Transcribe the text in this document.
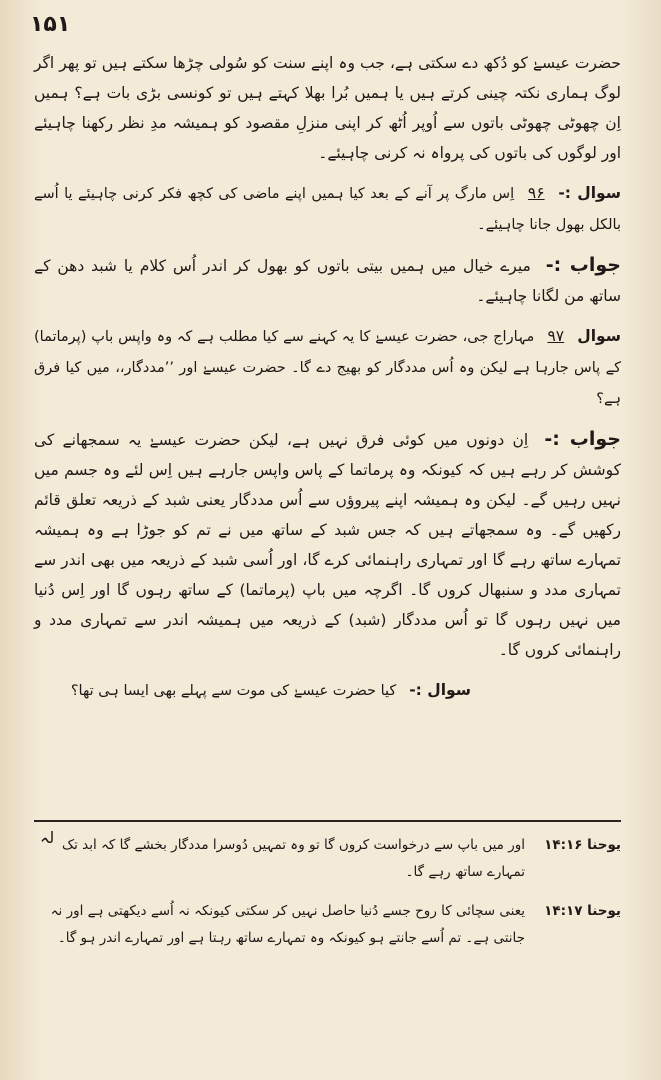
۱۵۱

حضرت عیسےٰ کو دُکھ دے سکتی ہے، جب وہ اپنے سنت کو سُولی چڑھا سکتے ہیں تو پھر اگر لوگ ہماری نکتہ چینی کرتے ہیں یا ہمیں بُرا بھلا کہتے ہیں تو کونسی بڑی بات ہے؟ ہمیں اِن چھوٹی چھوٹی باتوں سے اُوپر اُٹھ کر اپنی منزلِ مقصود کو ہمیشہ مدِ نظر رکھنا چاہیئے اور لوگوں کی باتوں کی پرواہ نہ کرنی چاہیئے۔

سوال :- ۹۶ اِس مارگ پر آنے کے بعد کیا ہمیں اپنے ماضی کی کچھ فکر کرنی چاہیئے یا اُسے بالکل بھول جانا چاہیئے۔

جواب :- میرے خیال میں ہمیں بیتی باتوں کو بھول کر اندر اُس کلام یا شبد دھن کے ساتھ من لگانا چاہیئے۔

سوال ۹۷ مہاراج جی، حضرت عیسےٰ کا یہ کہنے سے کیا مطلب ہے کہ وہ واپس باپ (پرماتما) کے پاس جارہا ہے لیکن وہ اُس مددگار کو بھیج دے گا۔ حضرت عیسےٰ اور ’’مددگار،، میں کیا فرق ہے؟

جواب :- اِن دونوں میں کوئی فرق نہیں ہے، لیکن حضرت عیسےٰ یہ سمجھانے کی کوشش کر رہے ہیں کہ کیونکہ وہ پرماتما کے پاس واپس جارہے ہیں اِس لئے وہ جسم میں نہیں رہیں گے۔ لیکن وہ ہمیشہ اپنے پیروؤں سے اُس مددگار یعنی شبد کے ذریعہ تعلق قائم رکھیں گے۔ وہ سمجھاتے ہیں کہ جس شبد کے ساتھ میں نے تم کو جوڑا ہے وہ ہمیشہ تمہارے ساتھ رہے گا اور تمہاری راہنمائی کرے گا، اور اُسی شبد کے ذریعہ میں بھی اندر سے تمہاری مدد و سنبھال کروں گا۔ اگرچہ میں باپ (پرماتما) کے ساتھ رہوں گا اور اِس دُنیا میں نہیں رہوں گا تو اُس مددگار (شبد) کے ذریعہ میں ہمیشہ اندر سے تمہاری مدد و راہنمائی کروں گا۔

سوال :- کیا حضرت عیسےٰ کی موت سے پہلے بھی ایسا ہی تھا؟

یوحنا ۱۴:۱۶
اور میں باپ سے درخواست کروں گا تو وہ تمہیں دُوسرا مددگار بخشے گا کہ ابد تک تمہارے ساتھ رہے گا۔
یوحنا ۱۴:۱۷
یعنی سچائی کا روح جسے دُنیا حاصل نہیں کر سکتی کیونکہ نہ اُسے دیکھتی ہے اور نہ جانتی ہے۔ تم اُسے جانتے ہو کیونکہ وہ تمہارے ساتھ رہتا ہے اور تمہارے اندر ہو گا۔
لہ
